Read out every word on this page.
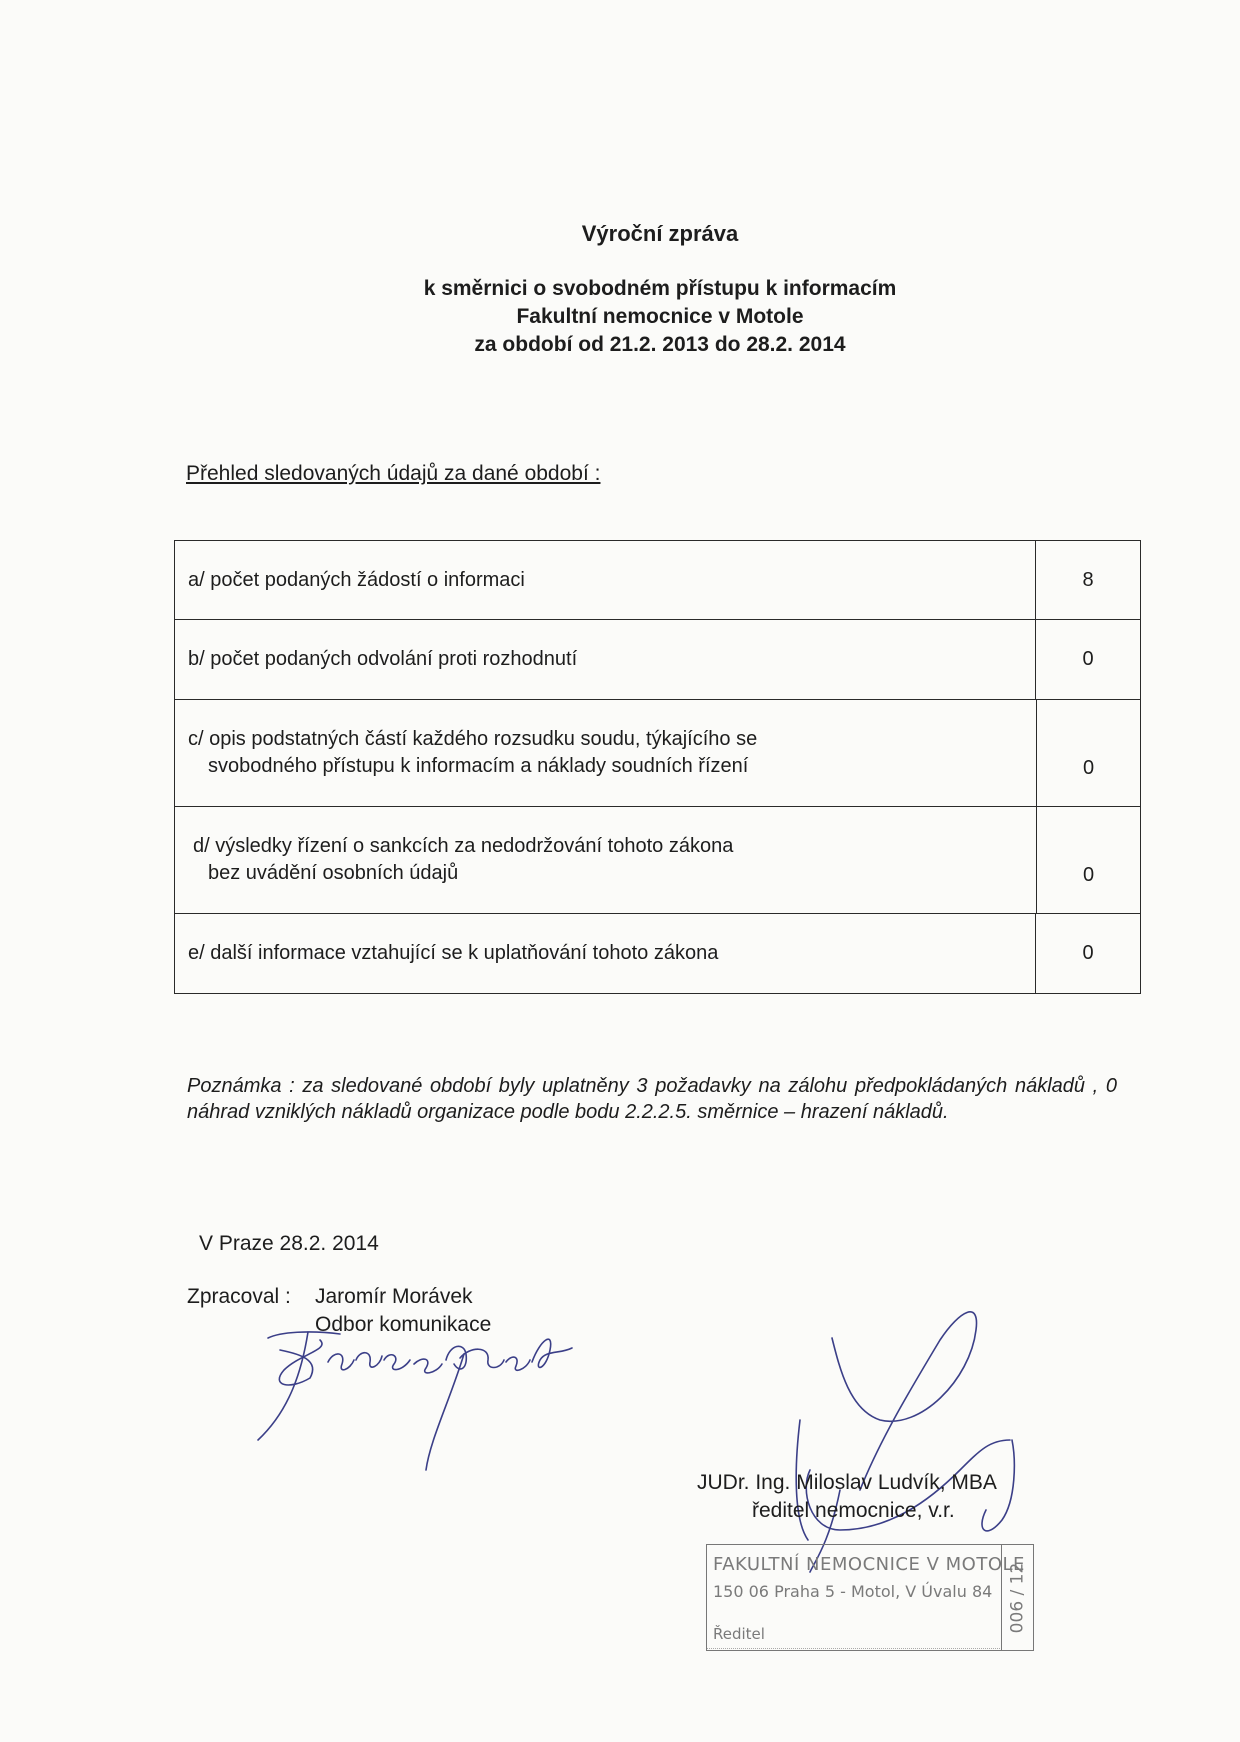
Výroční zpráva
k směrnici o svobodném přístupu k informacím
Fakultní nemocnice v Motole
za období od 21.2. 2013 do 28.2. 2014
Přehled sledovaných údajů za dané období :
a/ počet podaných žádostí o informaci	8
b/ počet podaných odvolání proti rozhodnutí	0
c/ opis podstatných částí každého rozsudku soudu, týkajícího se
svobodného přístupu k informacím a náklady soudních řízení	0
d/ výsledky řízení o sankcích za nedodržování tohoto zákona
bez uvádění osobních údajů	0
e/ další informace vztahující se k uplatňování tohoto zákona	0
Poznámka : za sledované období byly uplatněny 3 požadavky na zálohu předpokládaných nákladů , 0 náhrad vzniklých nákladů organizace podle bodu 2.2.2.5. směrnice – hrazení nákladů.
V Praze 28.2. 2014
Zpracoval : Jaromír Morávek
Odbor komunikace
JUDr. Ing. Miloslav Ludvík, MBA
ředitel nemocnice, v.r.
FAKULTNÍ NEMOCNICE V MOTOLE
150 06 Praha 5 - Motol, V Úvalu 84
Ředitel
006 / 12
